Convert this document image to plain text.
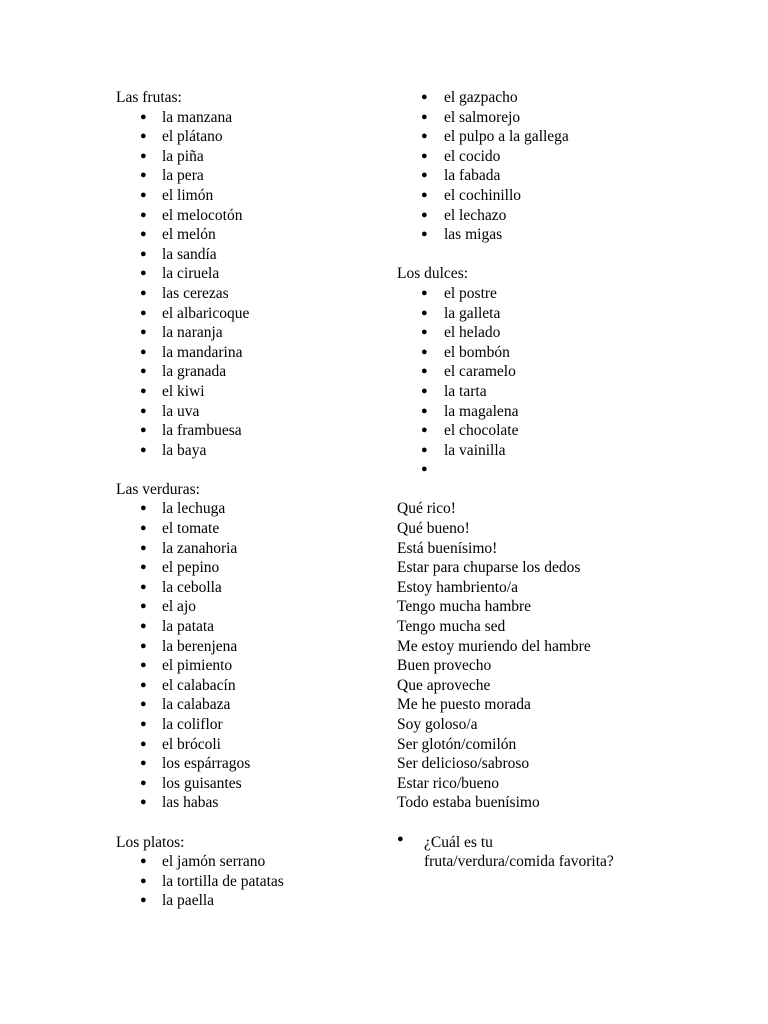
Las frutas:
● la manzana
● el plátano
● la piña
● la pera
● el limón
● el melocotón
● el melón
● la sandía
● la ciruela
● las cerezas
● el albaricoque
● la naranja
● la mandarina
● la granada
● el kiwi
● la uva
● la frambuesa
● la baya
Las verduras:
● la lechuga
● el tomate
● la zanahoria
● el pepino
● la cebolla
● el ajo
● la patata
● la berenjena
● el pimiento
● el calabacín
● la calabaza
● la coliflor
● el brócoli
● los espárragos
● los guisantes
● las habas
Los platos:
● el jamón serrano
● la tortilla de patatas
● la paella
● el gazpacho
● el salmorejo
● el pulpo a la gallega
● el cocido
● la fabada
● el cochinillo
● el lechazo
● las migas
Los dulces:
● el postre
● la galleta
● el helado
● el bombón
● el caramelo
● la tarta
● la magalena
● el chocolate
● la vainilla
●
Qué rico!
Qué bueno!
Está buenísimo!
Estar para chuparse los dedos
Estoy hambriento/a
Tengo mucha hambre
Tengo mucha sed
Me estoy muriendo del hambre
Buen provecho
Que aproveche
Me he puesto morada
Soy goloso/a
Ser glotón/comilón
Ser delicioso/sabroso
Estar rico/bueno
Todo estaba buenísimo
● ¿Cuál es tu
fruta/verdura/comida favorita?
